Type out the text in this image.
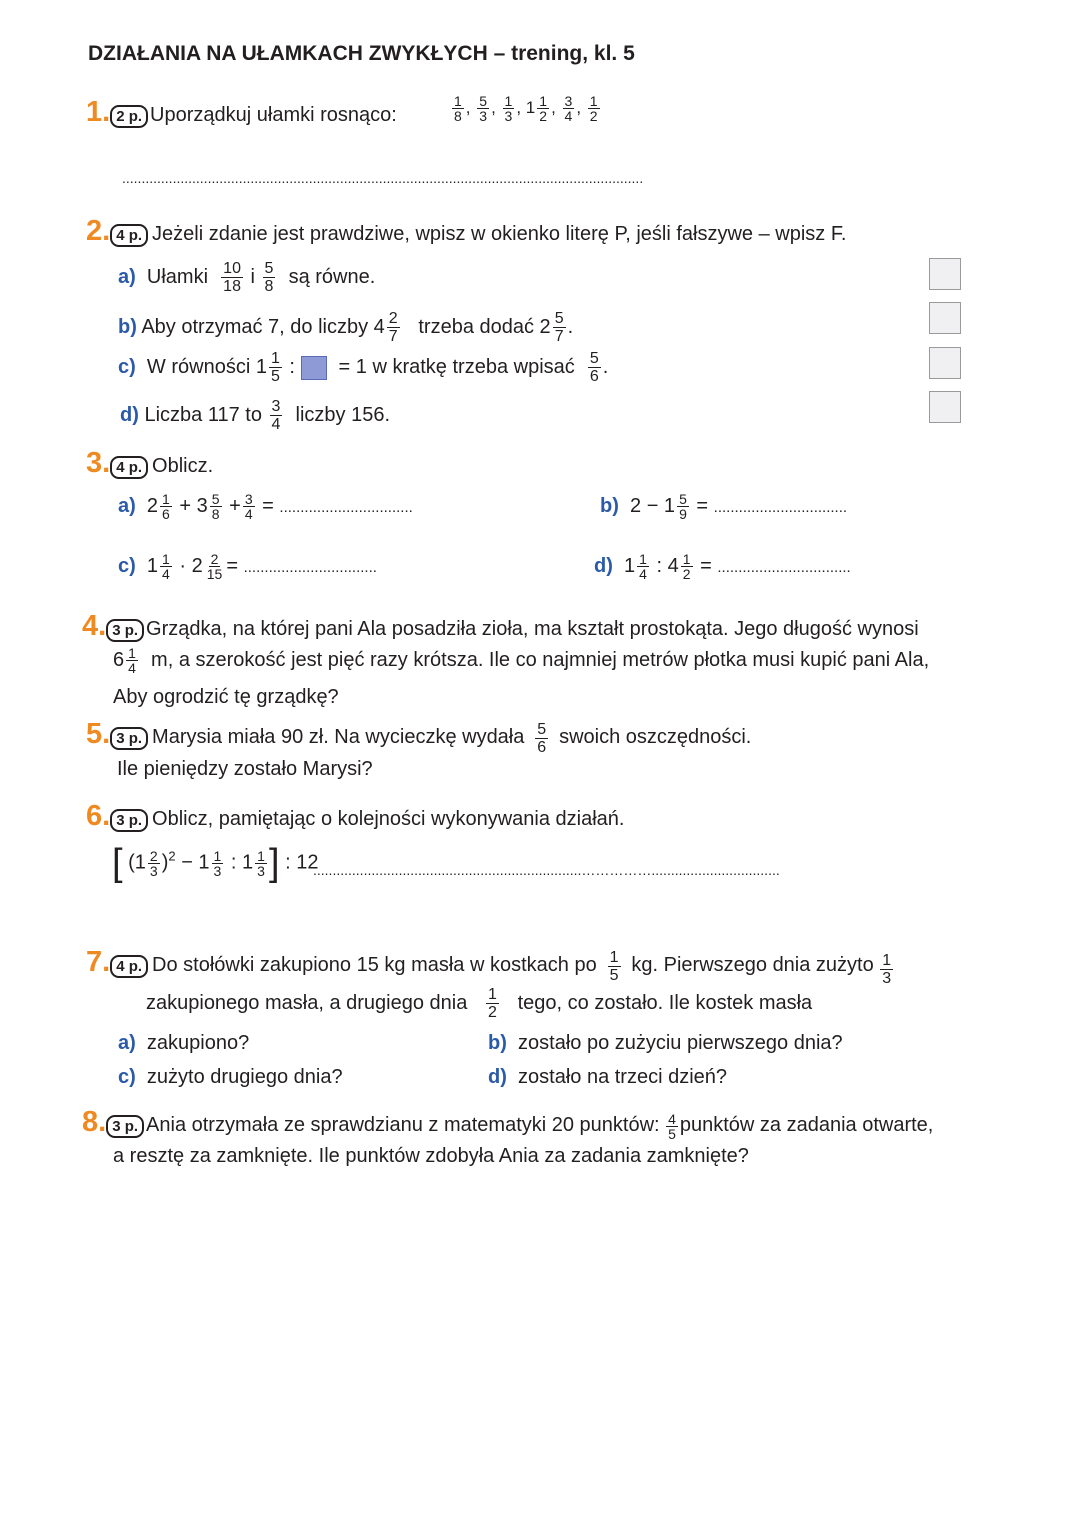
DZIAŁANIA NA UŁAMKACH ZWYKŁYCH – trening, kl. 5
1. 2 p. Uporządkuj ułamki rosnąco:	$\frac{1}{8}$ , $\frac{5}{3}$ , $\frac{1}{3}$ , $1 \frac{1}{2}$ , $\frac{3}{4}$ , $\frac{1}{2}$
......................................................................................................................................
2. 4 p. Jeżeli zdanie jest prawdziwe, wpisz w okienko literę P, jeśli fałszywe – wpisz F.
a) Ułamki $\frac{10}{18}$ i $\frac{5}{8}$ są równe.
b) Aby otrzymać 7, do liczby $4 \frac{2}{7}$ trzeba dodać $2 \frac{5}{7}$ .
c) W równości $1 \frac{1}{5}$ : = 1 w kratkę trzeba wpisać $\frac{5}{6}$ .
d) Liczba 117 to $\frac{3}{4}$ liczby 156.
3. 4 p. Oblicz.
a) $2 \frac{1}{6} + 3 \frac{5}{8} + \frac{3}{4}$ = ................................	b) $2 - 1 \frac{5}{9}$ = ................................
c) $1 \frac{1}{4} \cdot 2 \frac{2}{15}$ = ................................	d) $1 \frac{1}{4}$ : $4 \frac{1}{2}$ = ................................
4. 3 p. Grządka, na której pani Ala posadziła zioła, ma kształt prostokąta. Jego długość wynosi
$6 \frac{1}{4} m$, a szerokość jest pięć razy krótsza. Ile co najmniej metrów płotka musi kupić pani Ala,
Aby ogrodzić tę grządkę?
5. 3 p. Marysia miała 90 zł. Na wycieczkę wydała $\frac{5}{6}$ swoich oszczędności.
Ile pieniędzy zostało Marysi?
6. 3 p. Oblicz, pamiętając o kolejności wykonywania działań.
[ $(1 \frac{2}{3} )^2 - 1 \frac{1}{3}$ : $1 \frac{1}{3}$ ] : 12
.....................................................................…………….................................
7. 4 p. Do stołówki zakupiono 15 kg masła w kostkach po $\frac{1}{5}$ kg. Pierwszego dnia zużyto $\frac{1}{3}$
zakupionego masła, a drugiego dnia $\frac{1}{2}$ tego, co zostało. Ile kostek masła
a) zakupiono?	b) zostało po zużyciu pierwszego dnia?
c) zużyto drugiego dnia?	d) zostało na trzeci dzień?
8. 3 p. Ania otrzymała ze sprawdzianu z matematyki 20 punktów: $\frac{4}{5}$ punktów za zadania otwarte,
a resztę za zamknięte. Ile punktów zdobyła Ania za zadania zamknięte?
